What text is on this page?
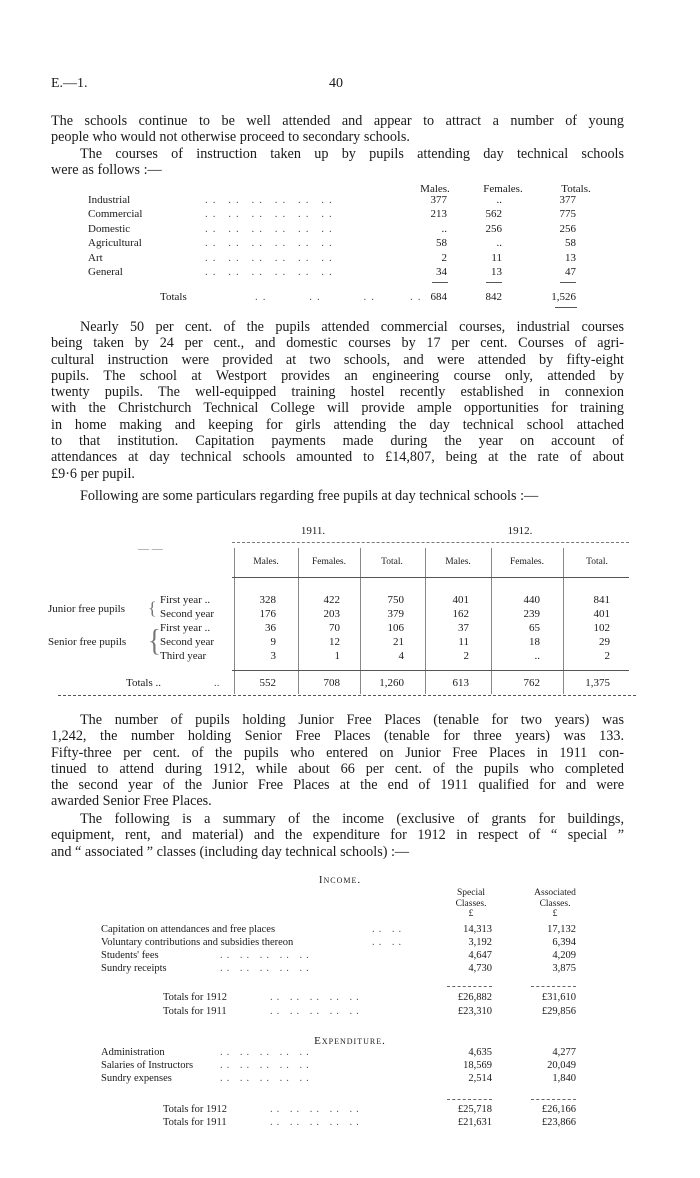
E.—1.	40
The schools continue to be well attended and appear to attract a number of young
people who would not otherwise proceed to secondary schools.
The courses of instruction taken up by pupils attending day technical schools
were as follows :—
Males.	Females.	Totals.
Industrial	.. .. .. .. .. ..	377	..	377
Commercial	.. .. .. .. .. ..	213	562	775
Domestic	.. .. .. .. .. ..	..	256	256
Agricultural	.. .. .. .. .. ..	58	..	58
Art	.. .. .. .. .. ..	2	11	13
General	.. .. .. .. .. ..	34	13	47
Totals	..     ..     ..    .. 684	842	1,526
Nearly 50 per cent. of the pupils attended commercial courses, industrial courses
being taken by 24 per cent., and domestic courses by 17 per cent. Courses of agri-
cultural instruction were provided at two schools, and were attended by fifty-eight
pupils. The school at Westport provides an engineering course only, attended by
twenty pupils. The well-equipped training hostel recently established in connexion
with the Christchurch Technical College will provide ample opportunities for training
in home making and keeping for girls attending the day technical school attached
to that institution. Capitation payments made during the year on account of
attendances at day technical schools amounted to £14,807, being at the rate of about
£9·6 per pupil.
Following are some particulars regarding free pupils at day technical schools :—
1911.	1912.
— —
Males.	Females.	Total.	Males.	Females.	Total.
Junior free pupils
First year ..	328	422	750	401	440	841
Second year	176	203	379	162	239	401
Senior free pupils
First year ..	36	70	106	37	65	102
Second year	9	12	21	11	18	29
Third year	3	1	4	2	..	2
{
{
Totals ..	..	552	708	1,260	613	762	1,375
The number of pupils holding Junior Free Places (tenable for two years) was
1,242, the number holding Senior Free Places (tenable for three years) was 133.
Fifty-three per cent. of the pupils who entered on Junior Free Places in 1911 con-
tinued to attend during 1912, while about 66 per cent. of the pupils who completed
the second year of the Junior Free Places at the end of 1911 qualified for and were
awarded Senior Free Places.
The following is a summary of the income (exclusive of grants for buildings,
equipment, rent, and material) and the expenditure for 1912 in respect of “ special ”
and “ associated ” classes (including day technical schools) :—
Income.
Special
Classes.
£
Associated
Classes.
£
Capitation on attendances and free places	.. ..	14,313	17,132
Voluntary contributions and subsidies thereon	.. ..	3,192	6,394
Students' fees	.. .. .. .. ..	4,647	4,209
Sundry receipts	.. .. .. .. ..	4,730	3,875
Totals for 1912	.. .. .. .. ..	£26,882	£31,610
Totals for 1911	.. .. .. .. ..	£23,310	£29,856
Administration	.. .. .. .. ..	4,635	4,277
Salaries of Instructors	.. .. .. .. ..	18,569	20,049
Sundry expenses	.. .. .. .. ..	2,514	1,840
Totals for 1912	.. .. .. .. ..	£25,718	£26,166
Totals for 1911	.. .. .. .. ..	£21,631	£23,866
Expenditure.
